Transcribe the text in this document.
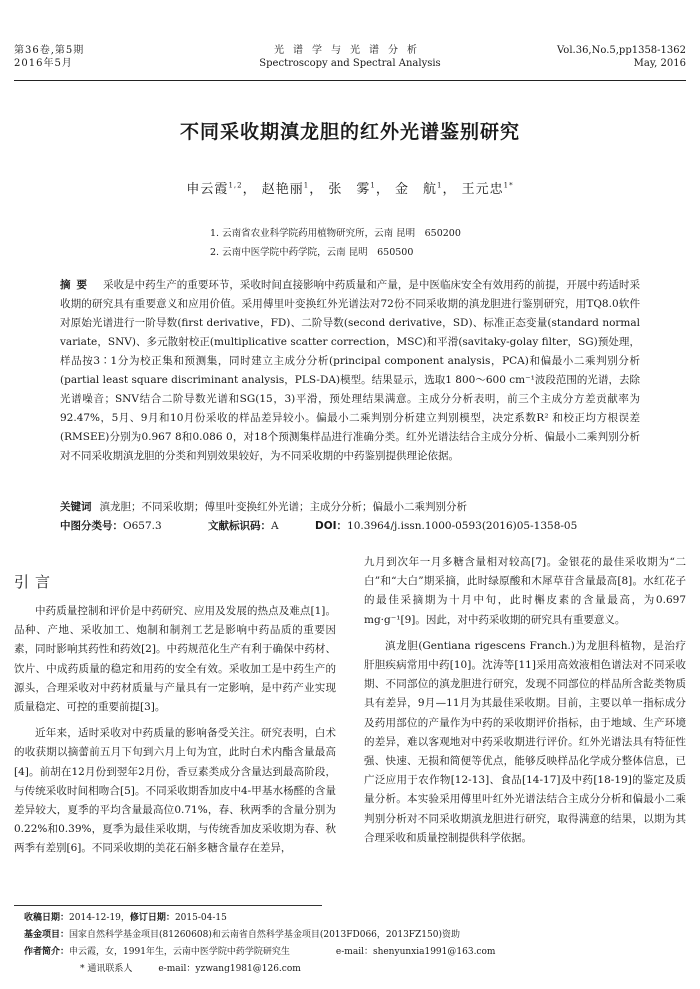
第36卷,第5期
2016年5月
光谱学与光谱分析
Spectroscopy and Spectral Analysis
Vol.36,No.5,pp1358-1362
May, 2016
不同采收期滇龙胆的红外光谱鉴别研究
申云霞$^{1,2}$， 赵艳丽$^1$， 张　雾$^1$， 金　航$^1$， 王元忠$^{1*}$
1. 云南省农业科学院药用植物研究所，云南 昆明　650200
2. 云南中医学院中药学院，云南 昆明　650500
摘要 采收是中药生产的重要环节，采收时间直接影响中药质量和产量，是中医临床安全有效用药的前提，开展中药适时采收期的研究具有重要意义和应用价值。采用傅里叶变换红外光谱法对72份不同采收期的滇龙胆进行鉴别研究，用TQ8.0软件对原始光谱进行一阶导数(first derivative，FD)、二阶导数(second derivative，SD)、标准正态变量(standard normal variate，SNV)、多元散射校正(multiplicative scatter correction，MSC)和平滑(savitaky-golay filter，SG)预处理，样品按3∶1分为校正集和预测集，同时建立主成分分析(principal component analysis，PCA)和偏最小二乘判别分析(partial least square discriminant analysis，PLS-DA)模型。结果显示，选取1 800～600 cm⁻¹波段范围的光谱，去除光谱噪音；SNV结合二阶导数光谱和SG(15，3)平滑，预处理结果满意。主成分分析表明，前三个主成分方差贡献率为92.47%，5月、9月和10月份采收的样品差异较小。偏最小二乘判别分析建立判别模型，决定系数R² 和校正均方根误差(RMSEE)分别为0.967 8和0.086 0，对18个预测集样品进行准确分类。红外光谱法结合主成分分析、偏最小二乘判别分析对不同采收期滇龙胆的分类和判别效果较好，为不同采收期的中药鉴别提供理论依据。
关键词 滇龙胆；不同采收期；傅里叶变换红外光谱；主成分分析；偏最小二乘判别分析
中图分类号：O657.3	文献标识码：A	DOI：10.3964/j.issn.1000-0593(2016)05-1358-05
引言

中药质量控制和评价是中药研究、应用及发展的热点及难点[1]。品种、产地、采收加工、炮制和制剂工艺是影响中药品质的重要因素，同时影响其药性和药效[2]。中药规范化生产有利于确保中药材、饮片、中成药质量的稳定和用药的安全有效。采收加工是中药生产的源头，合理采收对中药材质量与产量具有一定影响，是中药产业实现质量稳定、可控的重要前提[3]。

近年来，适时采收对中药质量的影响备受关注。研究表明，白术的收获期以摘蕾前五月下旬到六月上旬为宜，此时白术内酯含量最高[4]。前胡在12月份到翌年2月份，香豆素类成分含量达到最高阶段，与传统采收时间相吻合[5]。不同采收期香加皮中4-甲基水杨醛的含量差异较大，夏季的平均含量最高位0.71%，春、秋两季的含量分别为0.22%和0.39%，夏季为最佳采收期，与传统香加皮采收期为春、秋两季有差别[6]。不同采收期的美花石斛多糖含量存在差异，

九月到次年一月多糖含量相对较高[7]。金银花的最佳采收期为“二白”和“大白”期采摘，此时绿原酸和木犀草苷含量最高[8]。水红花子的最佳采摘期为十月中旬，此时槲皮素的含量最高，为0.697 mg·g⁻¹[9]。因此，对中药采收期的研究具有重要意义。

滇龙胆(Gentiana rigescens Franch.)为龙胆科植物，是治疗肝胆疾病常用中药[10]。沈涛等[11]采用高效液相色谱法对不同采收期、不同部位的滇龙胆进行研究，发现不同部位的样品所含龁类物质具有差异，9月—11月为其最佳采收期。目前，主要以单一指标成分及药用部位的产量作为中药的采收期评价指标，由于地域、生产环境的差异，难以客观地对中药采收期进行评价。红外光谱法具有特征性强、快速、无损和简便等优点，能够反映样品化学成分整体信息，已广泛应用于农作物[12-13]、食品[14-17]及中药[18-19]的鉴定及质量分析。本实验采用傅里叶红外光谱法结合主成分分析和偏最小二乘判别分析对不同采收期滇龙胆进行研究，取得满意的结果，以期为其合理采收和质量控制提供科学依据。

收稿日期：2014-12-19，修订日期：2015-04-15
基金项目：国家自然科学基金项目(81260608)和云南省自然科学基金项目(2013FD066，2013FZ150)资助
作者简介：申云霞，女，1991年生，云南中医学院中药学院研究生	e-mail：shenyunxia1991@163.com
* 通讯联系人	e-mail：yzwang1981@126.com
